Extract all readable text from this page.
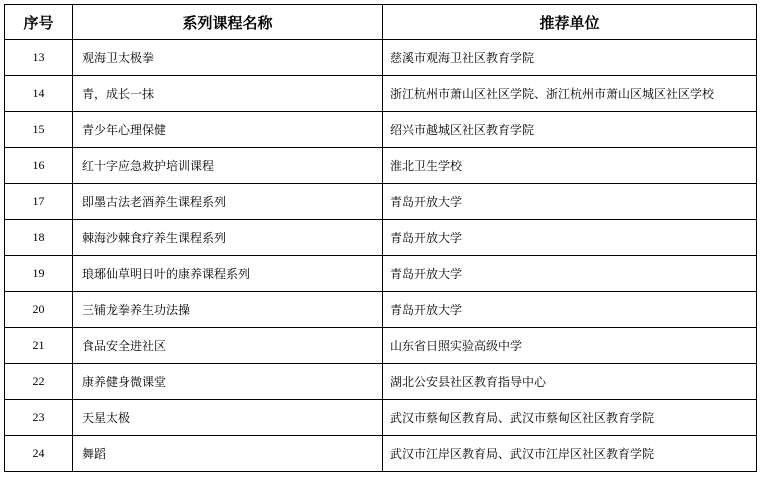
序号	系列课程名称	推荐单位
13	观海卫太极拳	慈溪市观海卫社区教育学院
14	青，成长一抹	浙江杭州市萧山区社区学院、浙江杭州市萧山区城区社区学校
15	青少年心理保健	绍兴市越城区社区教育学院
16	红十字应急救护培训课程	淮北卫生学校
17	即墨古法老酒养生课程系列	青岛开放大学
18	棘海沙棘食疗养生课程系列	青岛开放大学
19	琅琊仙草明日叶的康养课程系列	青岛开放大学
20	三铺龙拳养生功法操	青岛开放大学
21	食品安全进社区	山东省日照实验高级中学
22	康养健身微课堂	湖北公安县社区教育指导中心
23	天星太极	武汉市蔡甸区教育局、武汉市蔡甸区社区教育学院
24	舞蹈	武汉市江岸区教育局、武汉市江岸区社区教育学院
